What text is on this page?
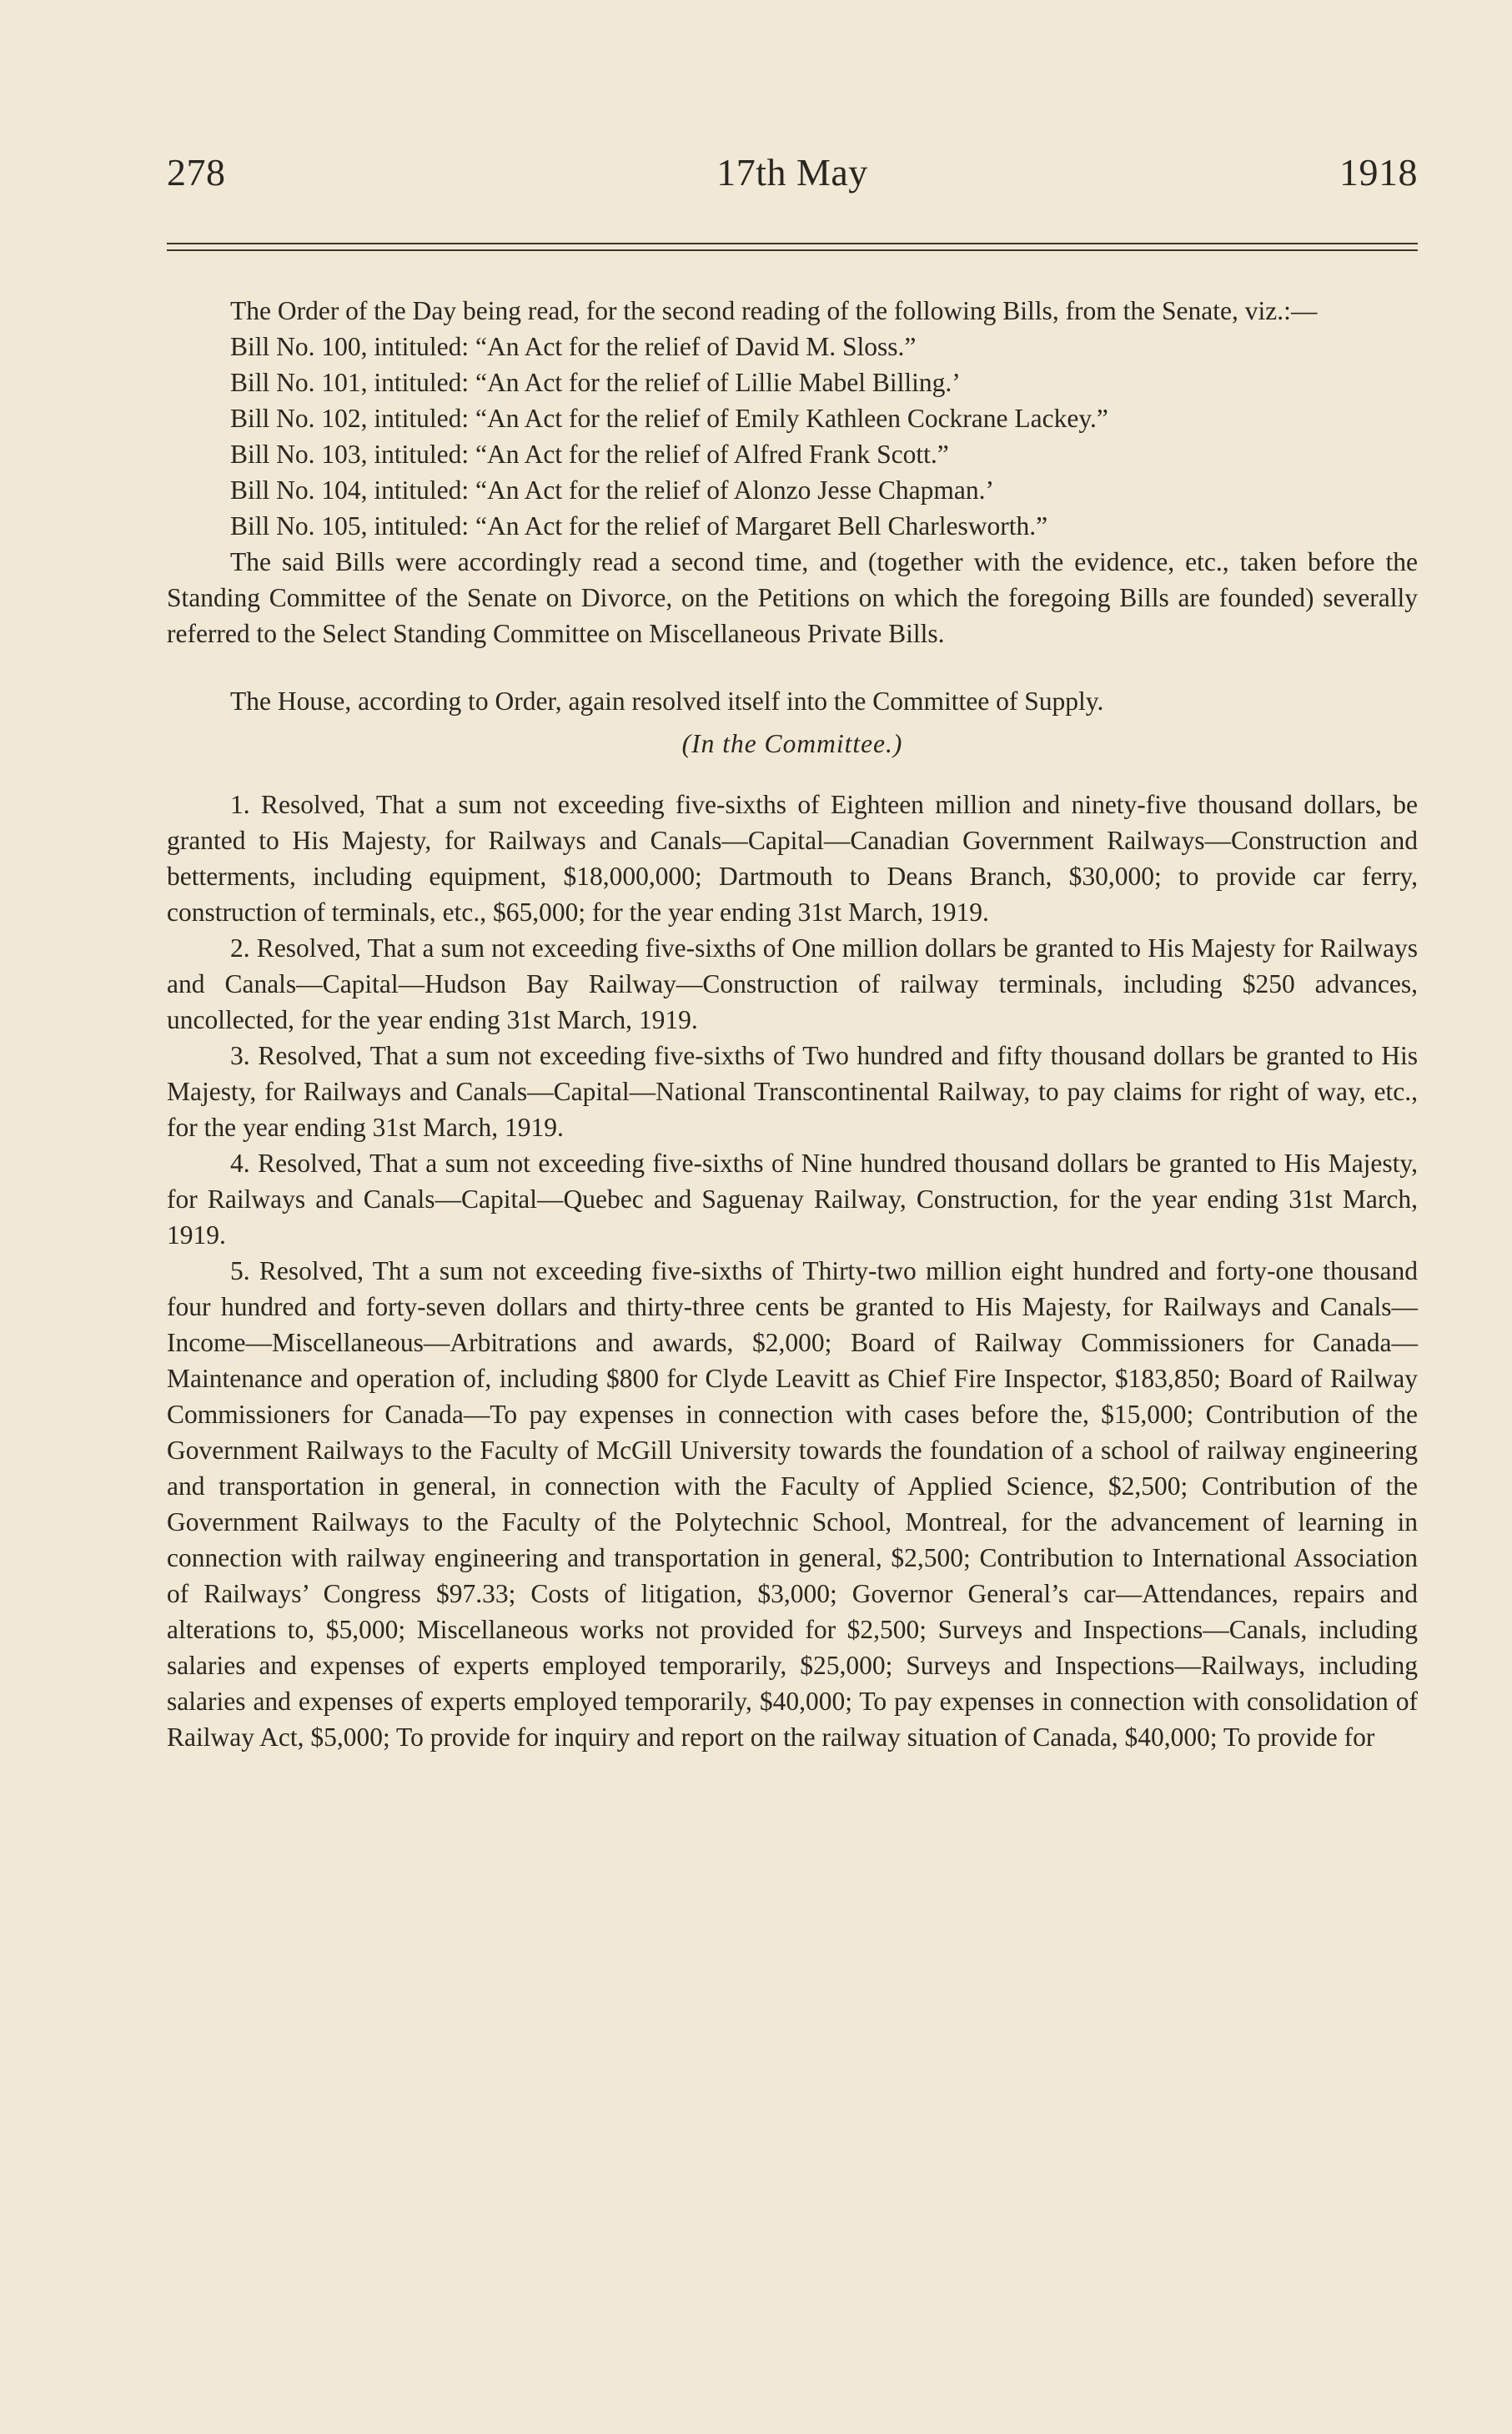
278	17th May	1918

The Order of the Day being read, for the second reading of the following Bills, from the Senate, viz.:—

Bill No. 100, intituled: “An Act for the relief of David M. Sloss.”

Bill No. 101, intituled: “An Act for the relief of Lillie Mabel Billing.’

Bill No. 102, intituled: “An Act for the relief of Emily Kathleen Cockrane Lackey.”

Bill No. 103, intituled: “An Act for the relief of Alfred Frank Scott.”

Bill No. 104, intituled: “An Act for the relief of Alonzo Jesse Chapman.’

Bill No. 105, intituled: “An Act for the relief of Margaret Bell Charlesworth.”

The said Bills were accordingly read a second time, and (together with the evidence, etc., taken before the Standing Committee of the Senate on Divorce, on the Petitions on which the foregoing Bills are founded) severally referred to the Select Standing Committee on Miscellaneous Private Bills.

The House, according to Order, again resolved itself into the Committee of Supply.

(In the Committee.)

1. Resolved, That a sum not exceeding five-sixths of Eighteen million and ninety-five thousand dollars, be granted to His Majesty, for Railways and Canals—Capital—Canadian Government Railways—Construction and betterments, including equipment, $18,000,000; Dartmouth to Deans Branch, $30,000; to provide car ferry, construction of terminals, etc., $65,000; for the year ending 31st March, 1919.

2. Resolved, That a sum not exceeding five-sixths of One million dollars be granted to His Majesty for Railways and Canals—Capital—Hudson Bay Railway—Construction of railway terminals, including $250 advances, uncollected, for the year ending 31st March, 1919.

3. Resolved, That a sum not exceeding five-sixths of Two hundred and fifty thousand dollars be granted to His Majesty, for Railways and Canals—Capital—National Transcontinental Railway, to pay claims for right of way, etc., for the year ending 31st March, 1919.

4. Resolved, That a sum not exceeding five-sixths of Nine hundred thousand dollars be granted to His Majesty, for Railways and Canals—Capital—Quebec and Saguenay Railway, Construction, for the year ending 31st March, 1919.

5. Resolved, Tht a sum not exceeding five-sixths of Thirty-two million eight hundred and forty-one thousand four hundred and forty-seven dollars and thirty-three cents be granted to His Majesty, for Railways and Canals—Income—Miscellaneous—Arbitrations and awards, $2,000; Board of Railway Commissioners for Canada—Maintenance and operation of, including $800 for Clyde Leavitt as Chief Fire Inspector, $183,850; Board of Railway Commissioners for Canada—To pay expenses in connection with cases before the, $15,000; Contribution of the Government Railways to the Faculty of McGill University towards the foundation of a school of railway engineering and transportation in general, in connection with the Faculty of Applied Science, $2,500; Contribution of the Government Railways to the Faculty of the Polytechnic School, Montreal, for the advancement of learning in connection with railway engineering and transportation in general, $2,500; Contribution to International Association of Railways’ Congress $97.33; Costs of litigation, $3,000; Governor General’s car—Attendances, repairs and alterations to, $5,000; Miscellaneous works not provided for $2,500; Surveys and Inspections—Canals, including salaries and expenses of experts employed temporarily, $25,000; Surveys and Inspections—Railways, including salaries and expenses of experts employed temporarily, $40,000; To pay expenses in connection with consolidation of Railway Act, $5,000; To provide for inquiry and report on the railway situation of Canada, $40,000; To provide for
